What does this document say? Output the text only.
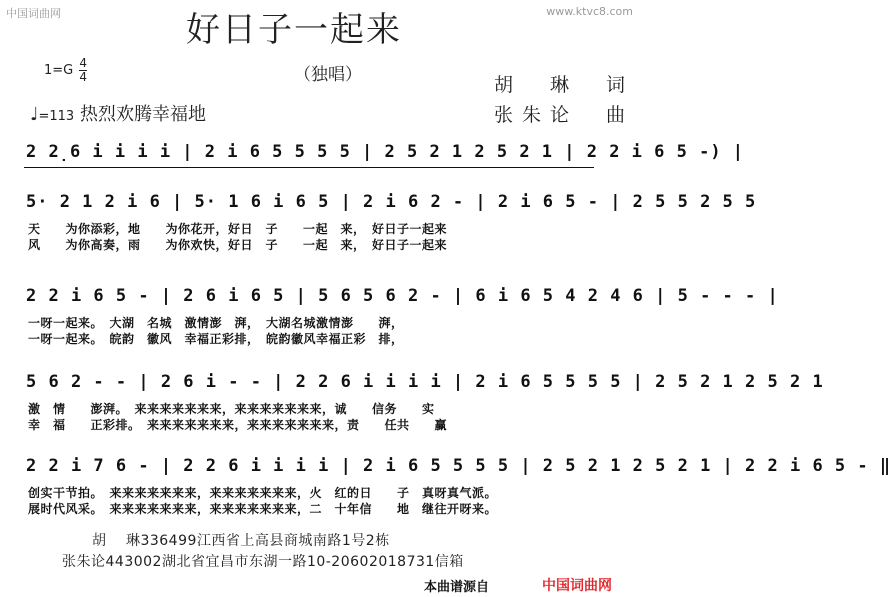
中国词曲网	www.ktvc8.com
好日子一起来
（独唱）
$1=G \frac{4}{4}$
胡　琳　词
张朱论　曲
♩=113 热烈欢腾幸福地
2 2̣6 i i i i | 2 i 6 5 5 5 5 | 2 5 2 1 2 5 2 1 | 2 2 i 6 5 -) |
5· 2 1 2 i 6 | 5· 1 6 i 6 5 | 2 i 6 2 - | 2 i 6 5 - | 2 5 5 2 5 5
天　　为你添彩，地　　为你花开，好日　子　　一起　来，　好日子一起来
风　　为你高奏，雨　　为你欢快，好日　子　　一起　来，　好日子一起来
2 2 i 6 5 - | 2 6 i 6 5 | 5 6 5 6 2 - | 6 i 6 5 4 2 4 6 | 5 - - - |
一呀一起来。　大湖　名城　激情澎　湃，　大湖名城激情澎　　湃，
一呀一起来。　皖韵　徽风　幸福正彩排，　皖韵徽风幸福正彩　排，
5 6 2 - - | 2 6 i - - | 2 2 6 i i i i | 2 i 6 5 5 5 5 | 2 5 2 1 2 5 2 1
激　情　　澎湃。　来来来来来来来，来来来来来来来，诚　　信务　　实
幸　福　　正彩排。　来来来来来来来，来来来来来来来，责　　任共　　赢
2 2 i 7 6 - | 2 2 6 i i i i | 2 i 6 5 5 5 5 | 2 5 2 1 2 5 2 1 | 2 2 i 6 5 - ‖
创实干节拍。　来来来来来来来，来来来来来来来，火　红的日　　子　真呀真气派。
展时代风采。　来来来来来来来，来来来来来来来，二　十年信　　地　继往开呀来。
胡　 琳336499江西省上高县商城南路1号2栋
张朱论443002湖北省宜昌市东湖一路10-20602018731信箱
本曲谱源自	中国词曲网
